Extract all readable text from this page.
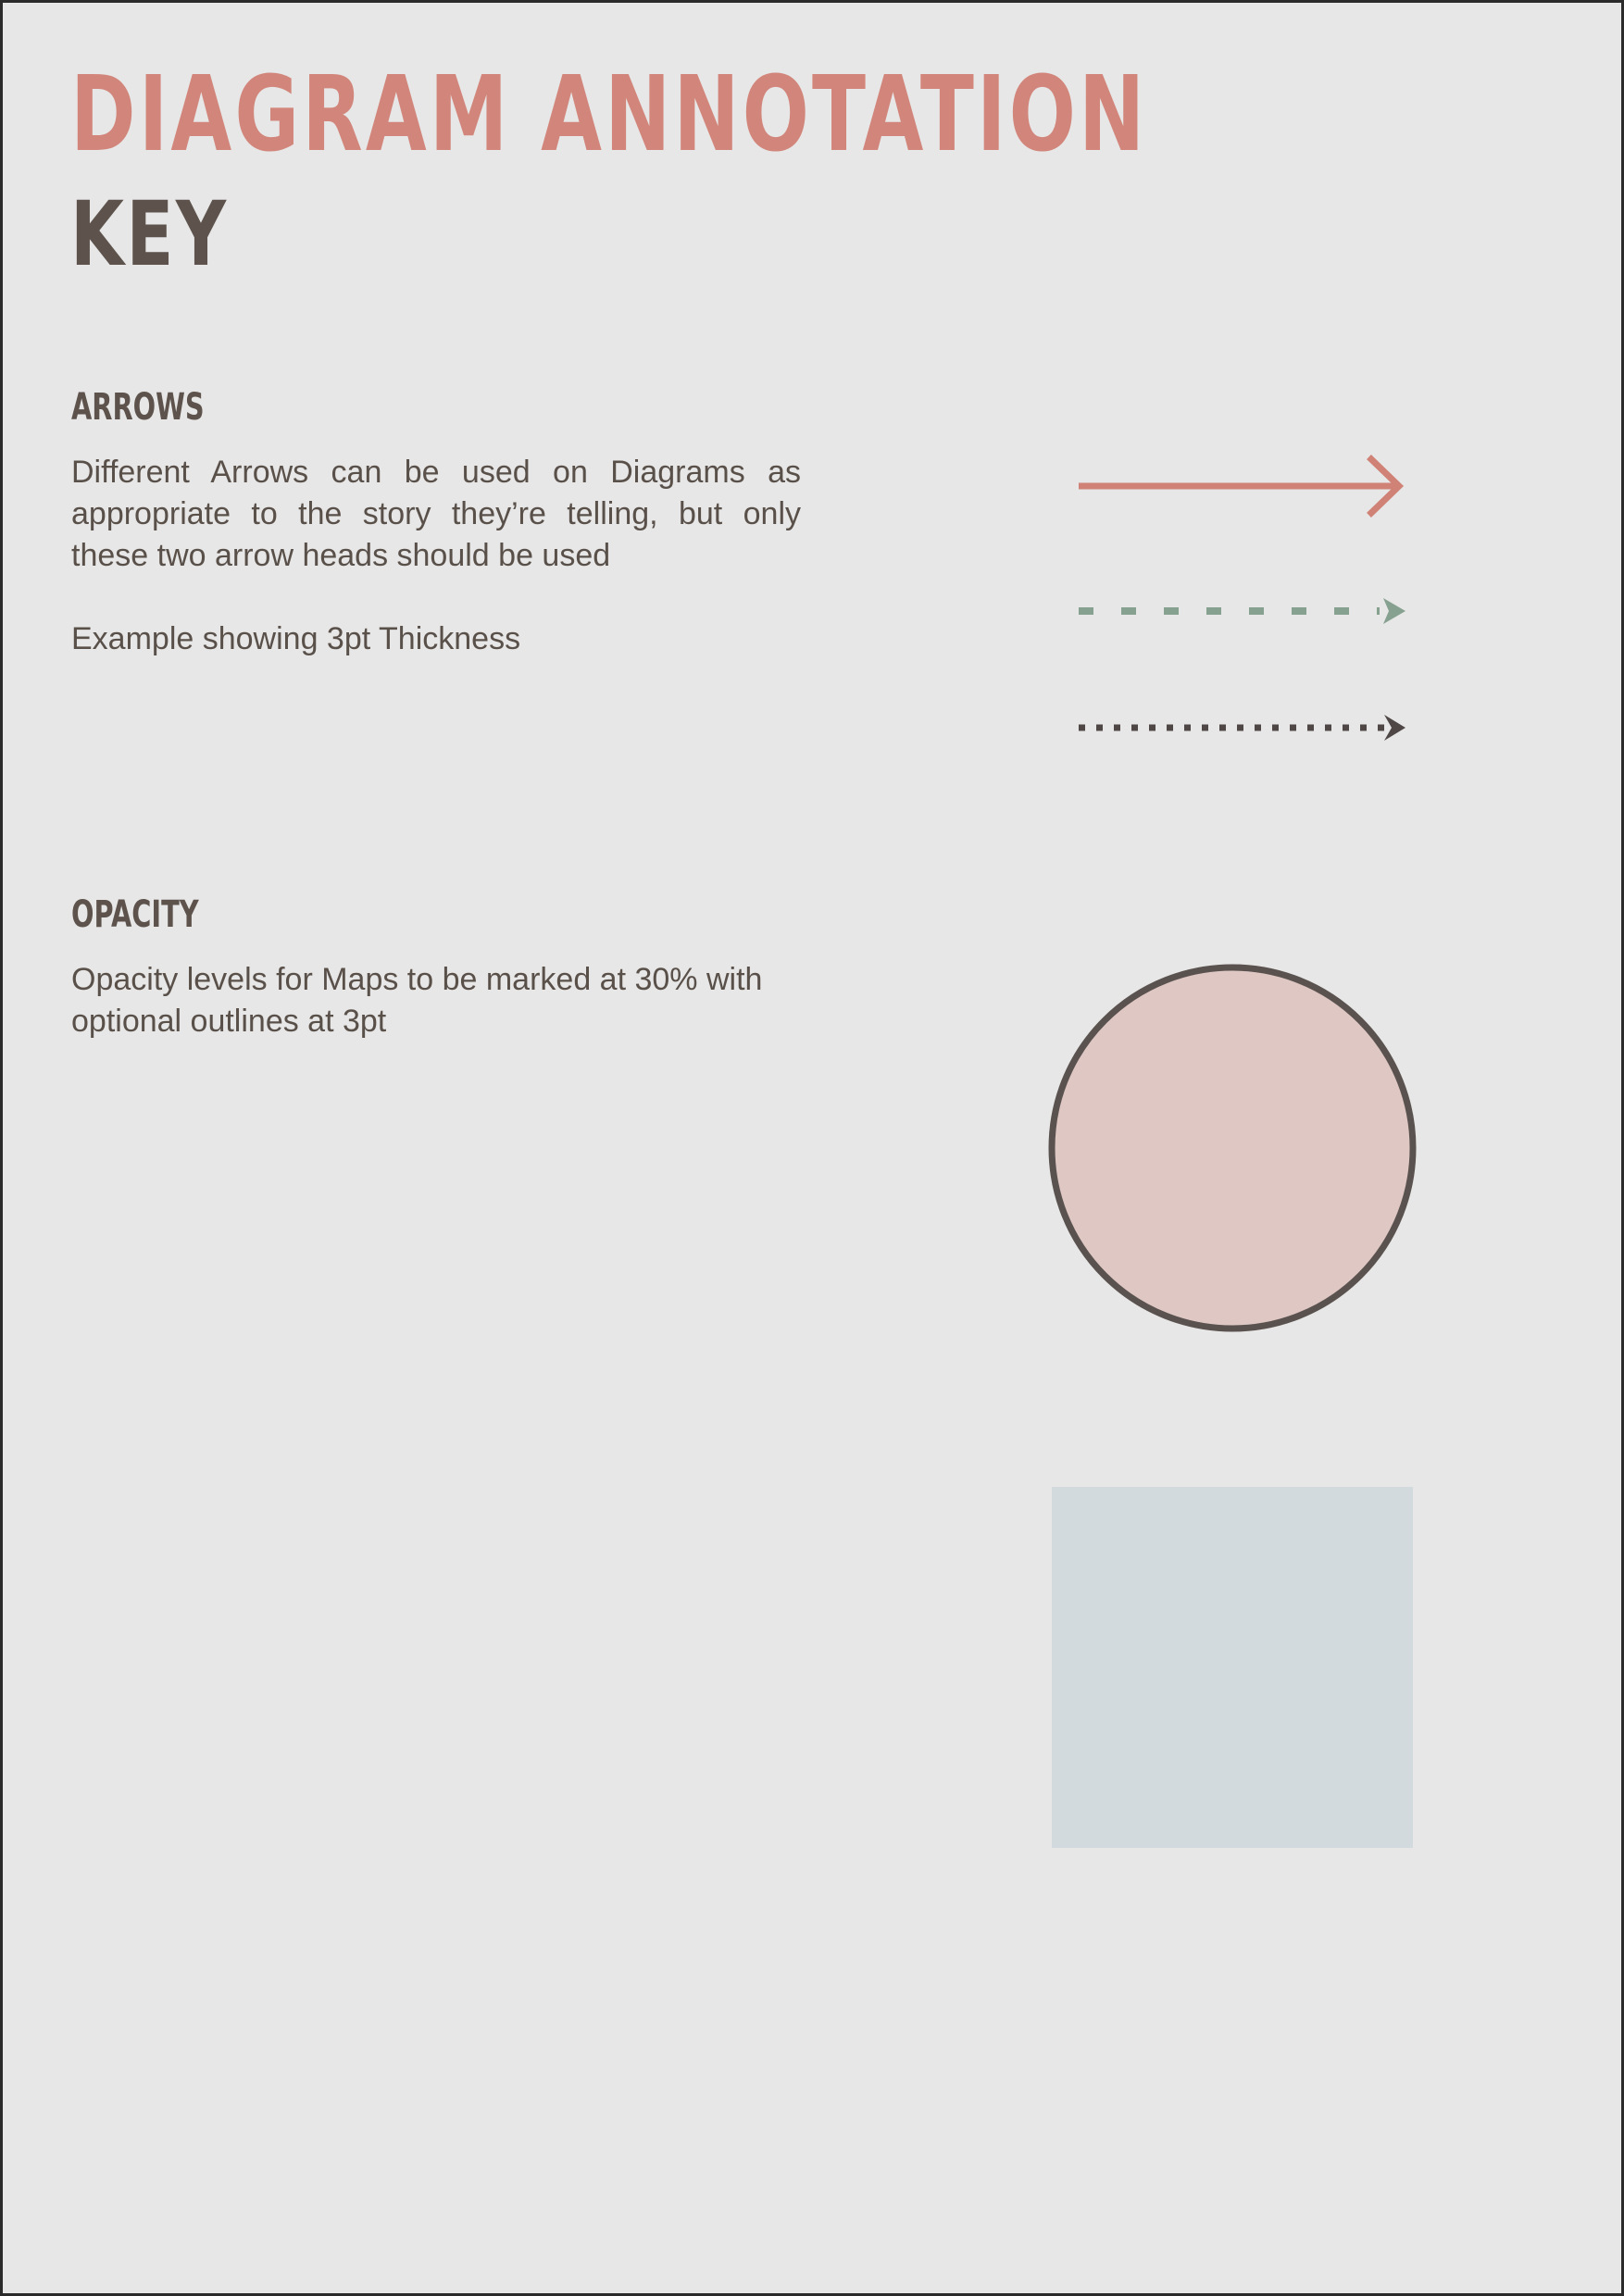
DIAGRAM ANNOTATION
KEY
ARROWS

Different Arrows can be used on Diagrams as appropriate to the story they’re telling, but only these two arrow heads should be used

Example showing 3pt Thickness

OPACITY

Opacity levels for Maps to be marked at 30% with optional outlines at 3pt
